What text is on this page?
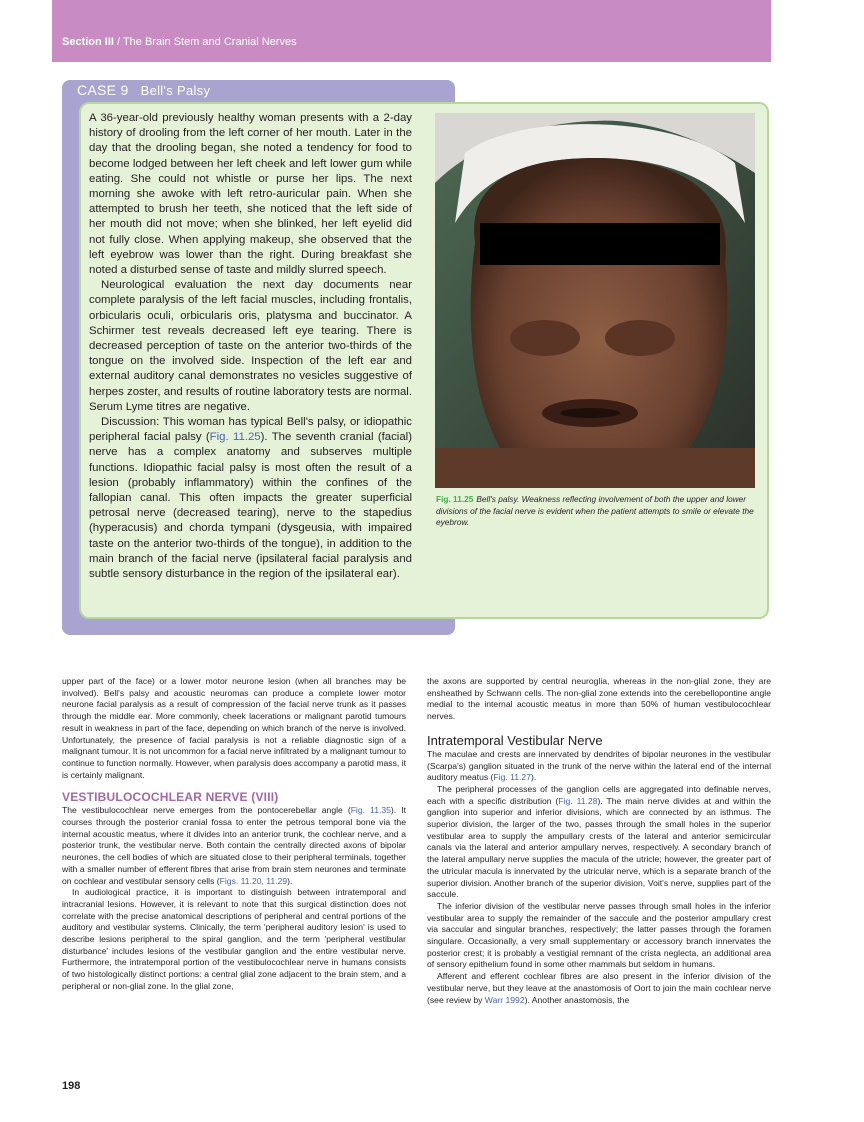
Section III / The Brain Stem and Cranial Nerves
CASE 9 Bell's Palsy

A 36-year-old previously healthy woman presents with a 2-day history of drooling from the left corner of her mouth. Later in the day that the drooling began, she noted a tendency for food to become lodged between her left cheek and left lower gum while eating. She could not whistle or purse her lips. The next morning she awoke with left retro-auricular pain. When she attempted to brush her teeth, she noticed that the left side of her mouth did not move; when she blinked, her left eyelid did not fully close. When applying makeup, she observed that the left eyebrow was lower than the right. During breakfast she noted a disturbed sense of taste and mildly slurred speech.

Neurological evaluation the next day documents near complete paralysis of the left facial muscles, including frontalis, orbicularis oculi, orbicularis oris, platysma and buccinator. A Schirmer test reveals decreased left eye tearing. There is decreased perception of taste on the anterior two-thirds of the tongue on the involved side. Inspection of the left ear and external auditory canal demonstrates no vesicles suggestive of herpes zoster, and results of routine laboratory tests are normal. Serum Lyme titres are negative.

Discussion: This woman has typical Bell's palsy, or idiopathic peripheral facial palsy (Fig. 11.25). The seventh cranial (facial) nerve has a complex anatomy and subserves multiple functions. Idiopathic facial palsy is most often the result of a lesion (probably inflammatory) within the confines of the fallopian canal. This often impacts the greater superficial petrosal nerve (decreased tearing), nerve to the stapedius (hyperacusis) and chorda tympani (dysgeusia, with impaired taste on the anterior two-thirds of the tongue), in addition to the main branch of the facial nerve (ipsilateral facial paralysis and subtle sensory disturbance in the region of the ipsilateral ear).

Fig. 11.25 Bell's palsy. Weakness reflecting involvement of both the upper and lower divisions of the facial nerve is evident when the patient attempts to smile or elevate the eyebrow.

upper part of the face) or a lower motor neurone lesion (when all branches may be involved). Bell's palsy and acoustic neuromas can produce a complete lower motor neurone facial paralysis as a result of compression of the facial nerve trunk as it passes through the middle ear. More commonly, cheek lacerations or malignant parotid tumours result in weakness in part of the face, depending on which branch of the nerve is involved. Unfortunately, the presence of facial paralysis is not a reliable diagnostic sign of a malignant tumour. It is not uncommon for a facial nerve infiltrated by a malignant tumour to continue to function normally. However, when paralysis does accompany a parotid mass, it is certainly malignant.

VESTIBULOCOCHLEAR NERVE (VIII)

The vestibulocochlear nerve emerges from the pontocerebellar angle (Fig. 11.35). It courses through the posterior cranial fossa to enter the petrous temporal bone via the internal acoustic meatus, where it divides into an anterior trunk, the cochlear nerve, and a posterior trunk, the vestibular nerve. Both contain the centrally directed axons of bipolar neurones, the cell bodies of which are situated close to their peripheral terminals, together with a smaller number of efferent fibres that arise from brain stem neurones and terminate on cochlear and vestibular sensory cells (Figs. 11.20, 11.29).

In audiological practice, it is important to distinguish between intratemporal and intracranial lesions. However, it is relevant to note that this surgical distinction does not correlate with the precise anatomical descriptions of peripheral and central portions of the auditory and vestibular systems. Clinically, the term 'peripheral auditory lesion' is used to describe lesions peripheral to the spiral ganglion, and the term 'peripheral vestibular disturbance' includes lesions of the vestibular ganglion and the entire vestibular nerve. Furthermore, the intratemporal portion of the vestibulocochlear nerve in humans consists of two histologically distinct portions: a central glial zone adjacent to the brain stem, and a peripheral or non-glial zone. In the glial zone,

the axons are supported by central neuroglia, whereas in the non-glial zone, they are ensheathed by Schwann cells. The non-glial zone extends into the cerebellopontine angle medial to the internal acoustic meatus in more than 50% of human vestibulocochlear nerves.

Intratemporal Vestibular Nerve

The maculae and crests are innervated by dendrites of bipolar neurones in the vestibular (Scarpa's) ganglion situated in the trunk of the nerve within the lateral end of the internal auditory meatus (Fig. 11.27).

The peripheral processes of the ganglion cells are aggregated into definable nerves, each with a specific distribution (Fig. 11.28). The main nerve divides at and within the ganglion into superior and inferior divisions, which are connected by an isthmus. The superior division, the larger of the two, passes through the small holes in the superior vestibular area to supply the ampullary crests of the lateral and anterior semicircular canals via the lateral and anterior ampullary nerves, respectively. A secondary branch of the lateral ampullary nerve supplies the macula of the utricle; however, the greater part of the utricular macula is innervated by the utricular nerve, which is a separate branch of the superior division. Another branch of the superior division, Voit's nerve, supplies part of the saccule.

The inferior division of the vestibular nerve passes through small holes in the inferior vestibular area to supply the remainder of the saccule and the posterior ampullary crest via saccular and singular branches, respectively; the latter passes through the foramen singulare. Occasionally, a very small supplementary or accessory branch innervates the posterior crest; it is probably a vestigial remnant of the crista neglecta, an additional area of sensory epithelium found in some other mammals but seldom in humans.

Afferent and efferent cochlear fibres are also present in the inferior division of the vestibular nerve, but they leave at the anastomosis of Oort to join the main cochlear nerve (see review by Warr 1992). Another anastomosis, the

198
